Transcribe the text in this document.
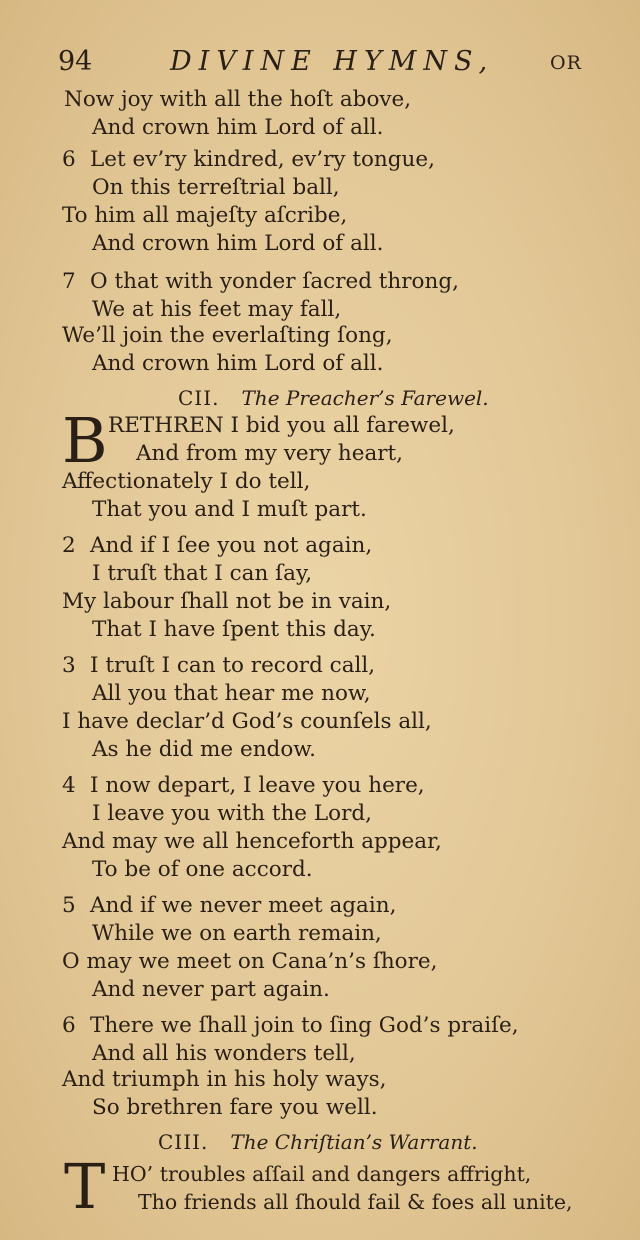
94	DIVINE HYMNS,	OR
Now joy with all the hoſt above,
And crown him Lord of all.
6 Let ev’ry kindred, ev’ry tongue,
On this terreſtrial ball,
To him all majeſty aſcribe,
And crown him Lord of all.
7 O that with yonder ſacred throng,
We at his feet may fall,
We’ll join the everlaſting ſong,
And crown him Lord of all.
CII. The Preacher’s Farewel.
B RETHREN I bid you all farewel,
And from my very heart,
Affectionately I do tell,
That you and I muſt part.
2 And if I ſee you not again,
I truſt that I can ſay,
My labour ſhall not be in vain,
That I have ſpent this day.
3 I truſt I can to record call,
All you that hear me now,
I have declar’d God’s counſels all,
As he did me endow.
4 I now depart, I leave you here,
I leave you with the Lord,
And may we all henceforth appear,
To be of one accord.
5 And if we never meet again,
While we on earth remain,
O may we meet on Cana’n’s ſhore,
And never part again.
6 There we ſhall join to ſing God’s praiſe,
And all his wonders tell,
And triumph in his holy ways,
So brethren fare you well.
CIII. The Chriſtian’s Warrant.
T HO’ troubles aſſail and dangers affright,
Tho friends all ſhould fail & foes all unite,
